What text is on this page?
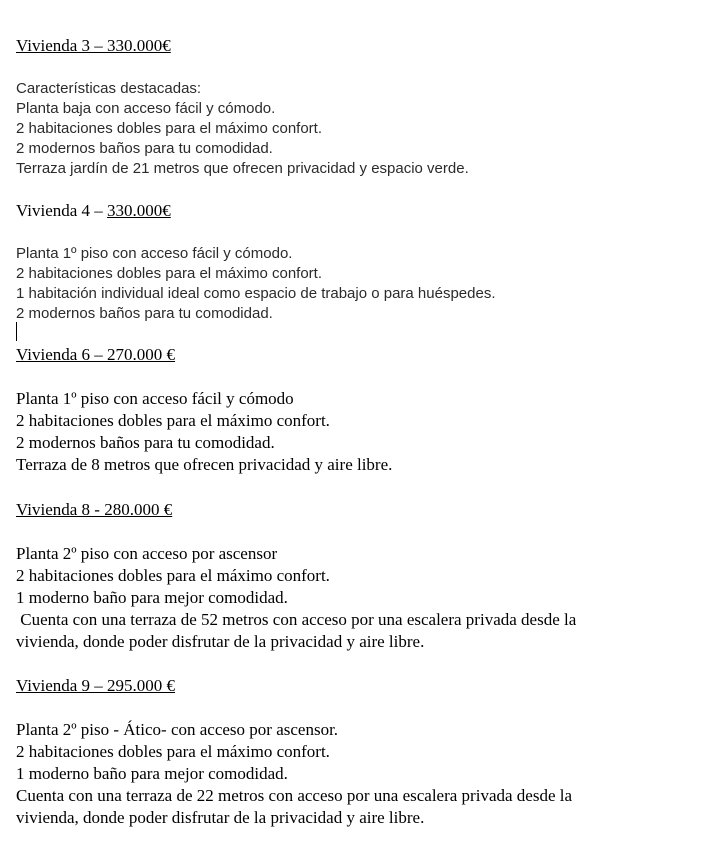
Vivienda 3 – 330.000€
Características destacadas:
Planta baja con acceso fácil y cómodo.
2 habitaciones dobles para el máximo confort.
2 modernos baños para tu comodidad.
Terraza jardín de 21 metros que ofrecen privacidad y espacio verde.
Vivienda 4 – 330.000€
Planta 1º piso con acceso fácil y cómodo.
2 habitaciones dobles para el máximo confort.
1 habitación individual ideal como espacio de trabajo o para huéspedes.
2 modernos baños para tu comodidad.
Vivienda 6 – 270.000 €
Planta 1º piso con acceso fácil y cómodo
2 habitaciones dobles para el máximo confort.
2 modernos baños para tu comodidad.
Terraza de 8 metros que ofrecen privacidad y aire libre.
Vivienda 8 - 280.000 €
Planta 2º piso con acceso por ascensor
2 habitaciones dobles para el máximo confort.
1 moderno baño para mejor comodidad.
Cuenta con una terraza de 52 metros con acceso por una escalera privada desde la
vivienda, donde poder disfrutar de la privacidad y aire libre.
Vivienda 9 – 295.000 €
Planta 2º piso - Ático- con acceso por ascensor.
2 habitaciones dobles para el máximo confort.
1 moderno baño para mejor comodidad.
Cuenta con una terraza de 22 metros con acceso por una escalera privada desde la
vivienda, donde poder disfrutar de la privacidad y aire libre.
